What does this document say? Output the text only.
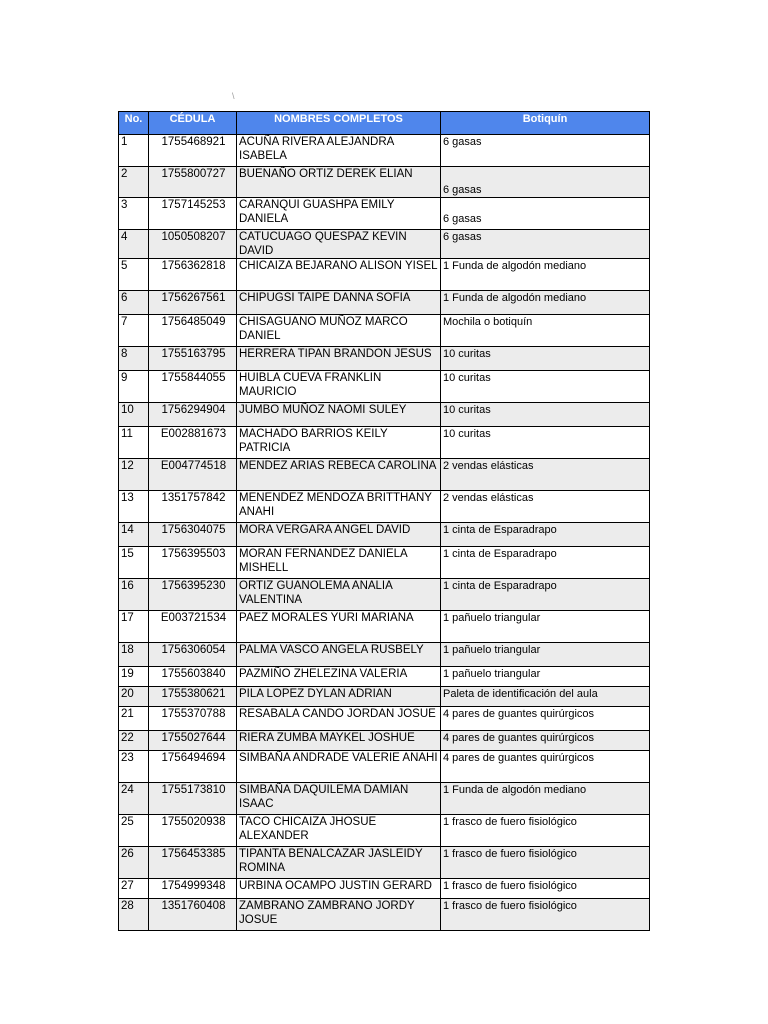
\
No.	CÉDULA	NOMBRES COMPLETOS	Botiquín
1	1755468921	ACUÑA RIVERA ALEJANDRA ISABELA	6 gasas
2	1755800727	BUENAÑO ORTIZ DEREK ELIAN	6 gasas
3	1757145253	CARANQUI GUASHPA EMILY DANIELA	6 gasas
4	1050508207	CATUCUAGO QUESPAZ KEVIN DAVID	6 gasas
5	1756362818	CHICAIZA BEJARANO ALISON YISEL	1 Funda de algodón mediano
6	1756267561	CHIPUGSI TAIPE DANNA SOFIA	1 Funda de algodón mediano
7	1756485049	CHISAGUANO MUÑOZ MARCO DANIEL	Mochila o botiquín
8	1755163795	HERRERA TIPAN BRANDON JESUS	10 curitas
9	1755844055	HUIBLA CUEVA FRANKLIN MAURICIO	10 curitas
10	1756294904	JUMBO MUÑOZ NAOMI SULEY	10 curitas
11	E002881673	MACHADO BARRIOS KEILY PATRICIA	10 curitas
12	E004774518	MENDEZ ARIAS REBECA CAROLINA	2 vendas elásticas
13	1351757842	MENENDEZ MENDOZA BRITTHANY ANAHI	2 vendas elásticas
14	1756304075	MORA VERGARA ANGEL DAVID	1 cinta de Esparadrapo
15	1756395503	MORAN FERNANDEZ DANIELA MISHELL	1 cinta de Esparadrapo
16	1756395230	ORTIZ GUANOLEMA ANALIA VALENTINA	1 cinta de Esparadrapo
17	E003721534	PAEZ MORALES YURI MARIANA	1 pañuelo triangular
18	1756306054	PALMA VASCO ANGELA RUSBELY	1 pañuelo triangular
19	1755603840	PAZMIÑO ZHELEZINA VALERIA	1 pañuelo triangular
20	1755380621	PILA LOPEZ DYLAN ADRIAN	Paleta de identificación del aula
21	1755370788	RESABALA CANDO JORDAN JOSUE	4 pares de guantes quirúrgicos
22	1755027644	RIERA ZUMBA MAYKEL JOSHUE	4 pares de guantes quirúrgicos
23	1756494694	SIMBAÑA ANDRADE VALERIE ANAHI	4 pares de guantes quirúrgicos
24	1755173810	SIMBAÑA DAQUILEMA DAMIAN ISAAC	1 Funda de algodón mediano
25	1755020938	TACO CHICAIZA JHOSUE ALEXANDER	1 frasco de fuero fisiológico
26	1756453385	TIPANTA BENALCAZAR JASLEIDY ROMINA	1 frasco de fuero fisiológico
27	1754999348	URBINA OCAMPO JUSTIN GERARD	1 frasco de fuero fisiológico
28	1351760408	ZAMBRANO ZAMBRANO JORDY JOSUE	1 frasco de fuero fisiológico
